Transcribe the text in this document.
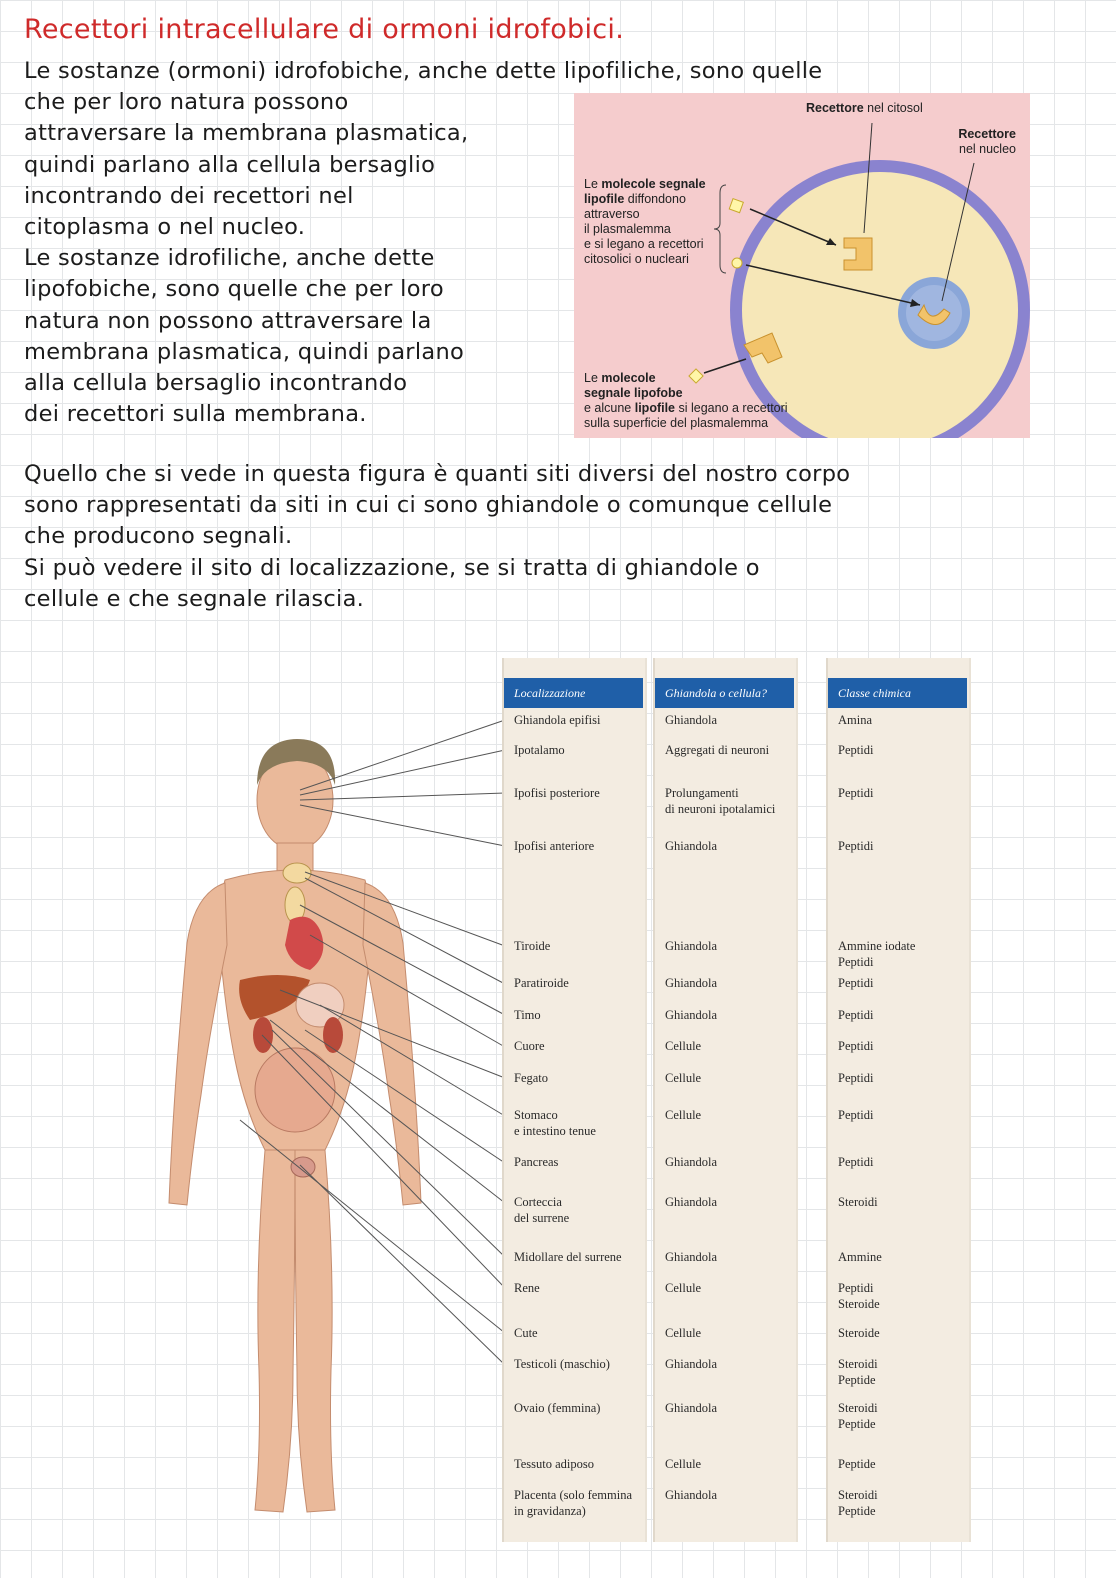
Recettori intracellulare di ormoni idrofobici.
Le sostanze (ormoni) idrofobiche, anche dette lipofiliche, sono quelle
che per loro natura possono
attraversare la membrana plasmatica,
quindi parlano alla cellula bersaglio
incontrando dei recettori nel
citoplasma o nel nucleo.
Le sostanze idrofiliche, anche dette
lipofobiche, sono quelle che per loro
natura non possono attraversare la
membrana plasmatica, quindi parlano
alla cellula bersaglio incontrando
dei recettori sulla membrana.
Recettore nel citosol
Recettore
nel nucleo
Le molecole segnale
lipofile diffondono
attraverso
il plasmalemma
e si legano a recettori
citosolici o nucleari
Le molecole
segnale lipofobe
e alcune lipofile si legano a recettori
sulla superficie del plasmalemma
Quello che si vede in questa figura è quanti siti diversi del nostro corpo
sono rappresentati da siti in cui ci sono ghiandole o comunque cellule
che producono segnali.
Si può vedere il sito di localizzazione, se si tratta di ghiandole o
cellule e che segnale rilascia.
Localizzazione
Ghiandola epifisi
Ipotalamo
Ipofisi posteriore
Ipofisi anteriore
Tiroide
Paratiroide
Timo
Cuore
Fegato
Stomaco
e intestino tenue
Pancreas
Corteccia
del surrene
Midollare del surrene
Rene
Cute
Testicoli (maschio)
Ovaio (femmina)
Tessuto adiposo
Placenta (solo femmina
in gravidanza)
Ghiandola o cellula?
Ghiandola
Aggregati di neuroni
Prolungamenti
di neuroni ipotalamici
Ghiandola
Ghiandola
Ghiandola
Ghiandola
Cellule
Cellule
Cellule
Ghiandola
Ghiandola
Ghiandola
Cellule
Cellule
Ghiandola
Ghiandola
Cellule
Ghiandola
Classe chimica
Amina
Peptidi
Peptidi
Peptidi
Ammine iodate
Peptidi
Peptidi
Peptidi
Peptidi
Peptidi
Peptidi
Peptidi
Steroidi
Ammine
Peptidi
Steroide
Steroide
Steroidi
Peptide
Steroidi
Peptide
Peptide
Steroidi
Peptide
